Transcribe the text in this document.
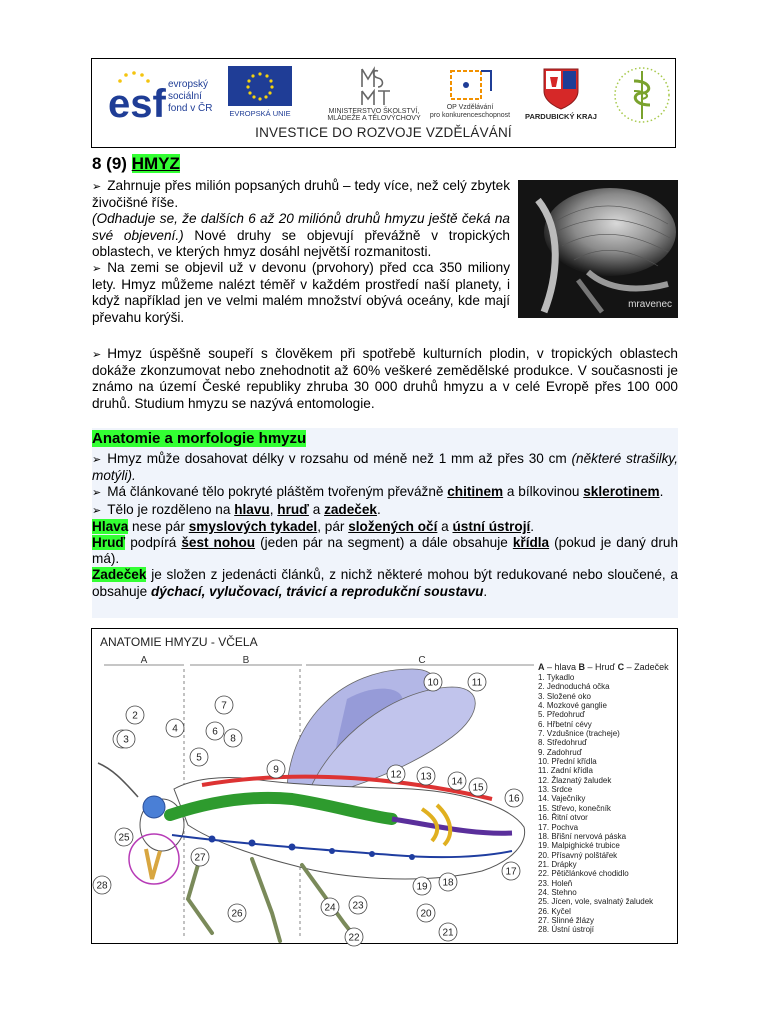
esf evropský
sociální
fond v ČR EVROPSKÁ UNIE	MINISTERSTVO ŠKOLSTVÍ,
MLÁDEŽE A TĚLOVÝCHOVY
OP Vzdělávání
pro konkurenceschopnost PARDUBICKÝ KRAJ
INVESTICE DO ROZVOJE VZDĚLÁVÁNÍ
8 (9) HMYZ
mravenec
➢ Zahrnuje přes milión popsaných druhů – tedy více, než celý zbytek živočišné říše.
(Odhaduje se, že dalších 6 až 20 miliónů druhů hmyzu ještě čeká na své objevení.) Nové druhy se objevují převážně v tropických oblastech, ve kterých hmyz dosáhl největší rozmanitosti.
➢ Na zemi se objevil už v devonu (prvohory) před cca 350 miliony lety. Hmyz můžeme nalézt téměř v každém prostředí naší planety, i když například jen ve velmi malém množství obývá oceány, kde mají převahu korýši.
➢ Hmyz úspěšně soupeří s člověkem při spotřebě kulturních plodin, v tropických oblastech dokáže zkonzumovat nebo znehodnotit až 60% veškeré zemědělské produkce. V současnosti je známo na území České republiky zhruba 30 000 druhů hmyzu a v celé Evropě přes 100 000 druhů. Studium hmyzu se nazývá entomologie.
Anatomie a morfologie hmyzu
➢ Hmyz může dosahovat délky v rozsahu od méně než 1 mm až přes 30 cm (některé strašilky, motýli).
➢ Má článkované tělo pokryté pláštěm tvořeným převážně chitinem a bílkovinou sklerotinem.
➢ Tělo je rozděleno na hlavu, hruď a zadeček.
Hlava nese pár smyslových tykadel, pár složených očí a ústní ústrojí.
Hruď podpírá šest nohou (jeden pár na segment) a dále obsahuje křídla (pokud je daný druh má).
Zadeček je složen z jedenácti článků, z nichž některé mohou být redukované nebo sloučené, a obsahuje dýchací, vylučovací, trávicí a reprodukční soustavu.
ANATOMIE HMYZU - VČELA
A	B	C
2
3
4
5
6
7
8
9
10	11
12 13 14
15
16
17
18
19
20
21
22
23
24
25
26
27
28
A – hlava B – Hruď C – Zadeček
1. Tykadlo
2. Jednoduchá očka
3. Složené oko
4. Mozkové ganglie
5. Předohruď
6. Hřbetní cévy
7. Vzdušnice (tracheje)
8. Středohruď
9. Zadohruď
10. Přední křídla
11. Zadní křídla
12. Žlaznatý žaludek
13. Srdce
14. Vaječníky
15. Střevo, konečník
16. Řitní otvor
17. Pochva
18. Břišní nervová páska
19. Malpighické trubice
20. Přísavný polštářek
21. Drápky
22. Pětičlánkové chodidlo
23. Holeň
24. Stehno
25. Jícen, vole, svalnatý žaludek
26. Kyčel
27. Slinné žlázy
28. Ústní ústrojí
